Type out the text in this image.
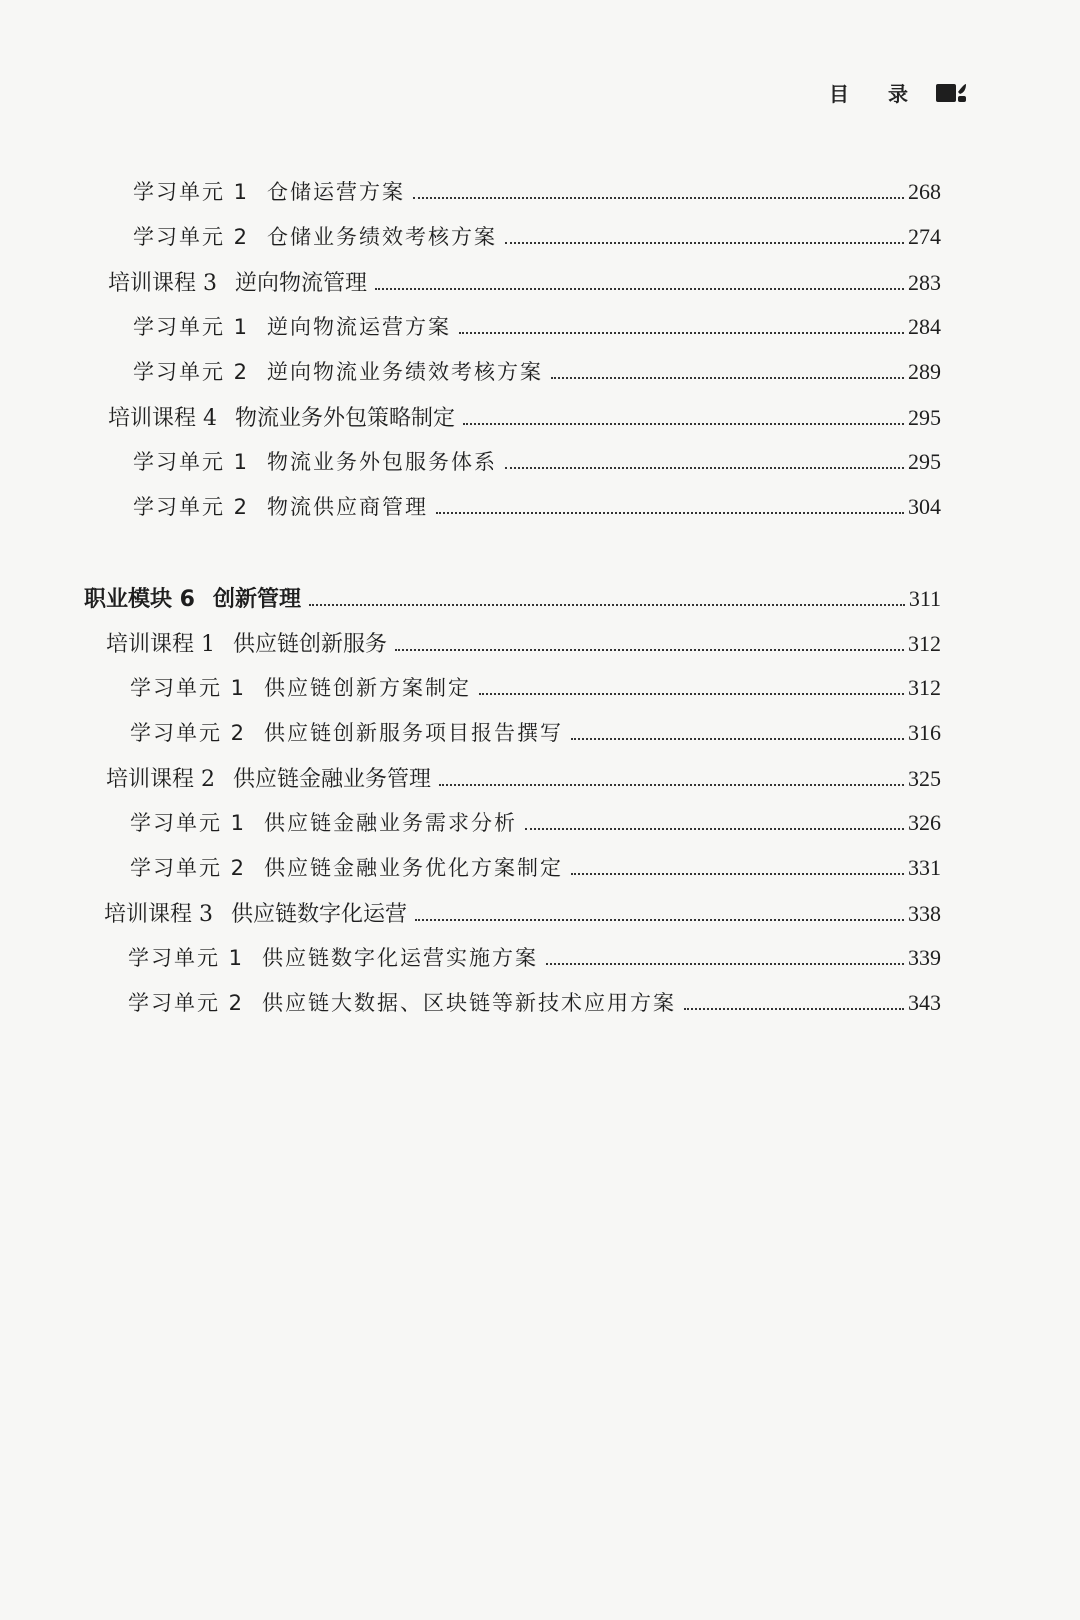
目 录
学习单元 1 仓储运营方案	268
学习单元 2 仓储业务绩效考核方案	274
培训课程 3 逆向物流管理	283
学习单元 1 逆向物流运营方案	284
学习单元 2 逆向物流业务绩效考核方案	289
培训课程 4 物流业务外包策略制定	295
学习单元 1 物流业务外包服务体系	295
学习单元 2 物流供应商管理	304
职业模块 6 创新管理	311
培训课程 1 供应链创新服务	312
学习单元 1 供应链创新方案制定	312
学习单元 2 供应链创新服务项目报告撰写	316
培训课程 2 供应链金融业务管理	325
学习单元 1 供应链金融业务需求分析	326
学习单元 2 供应链金融业务优化方案制定	331
培训课程 3 供应链数字化运营	338
学习单元 1 供应链数字化运营实施方案	339
学习单元 2 供应链大数据、区块链等新技术应用方案	343
